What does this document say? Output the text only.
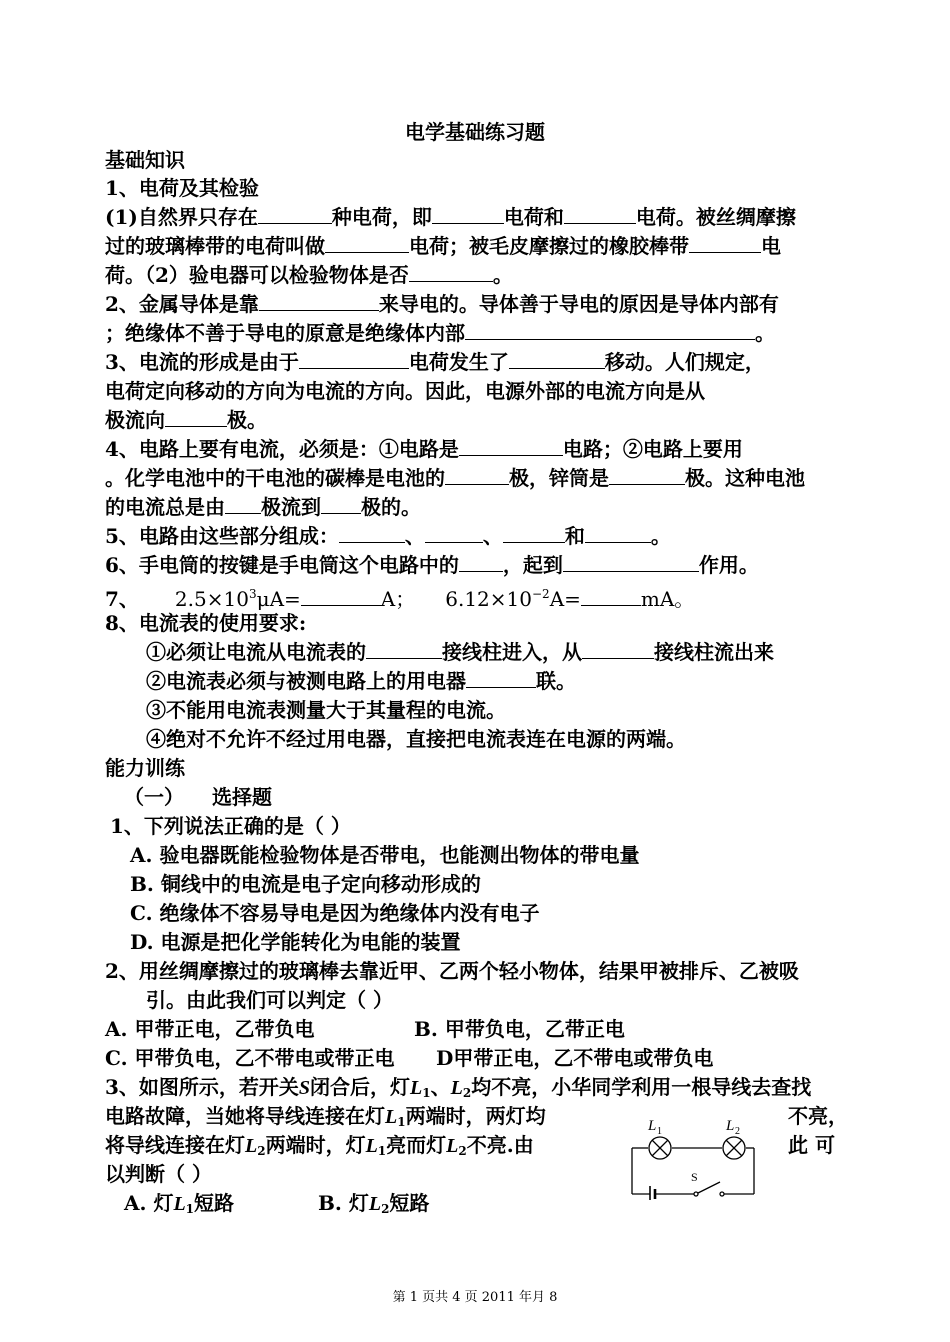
电学基础练习题
基础知识
1、电荷及其检验
(1)自然界只存在	种电荷，即	电荷和	电荷。被丝绸摩擦
过的玻璃棒带的电荷叫做	电荷；被毛皮摩擦过的橡胶棒带	电
荷。（2）验电器可以检验物体是否	。
2、金属导体是靠	来导电的。导体善于导电的原因是导体内部有
；绝缘体不善于导电的原意是绝缘体内部	。
3、电流的形成是由于	电荷发生了	移动。人们规定，
电荷定向移动的方向为电流的方向。因此，电源外部的电流方向是从
极流向	极。
4、电路上要有电流，必须是：①电路是	电路；②电路上要用
。化学电池中的干电池的碳棒是电池的	极，锌筒是	极。这种电池
的电流总是由 极流到 极的。
5、电路由这些部分组成：	、	、	和	。
6、手电筒的按键是手电筒这个电路中的 ，起到	作用。
7、 $2.5\times 10^3\mu A=$	A； $6.12\times 10^{-2}A=$	mA。
8、电流表的使用要求:
①必须让电流从电流表的	接线柱进入，从	接线柱流出来
②电流表必须与被测电路上的用电器	联。
③不能用电流表测量大于其量程的电流。
④绝对不允许不经过用电器，直接把电流表连在电源的两端。
能力训练
（一） 选择题
1、下列说法正确的是（ ）
A. 验电器既能检验物体是否带电，也能测出物体的带电量
B. 铜线中的电流是电子定向移动形成的
C. 绝缘体不容易导电是因为绝缘体内没有电子
D. 电源是把化学能转化为电能的装置
2、用丝绸摩擦过的玻璃棒去靠近甲、乙两个轻小物体，结果甲被排斥、乙被吸
引。由此我们可以判定（ ）
A. 甲带正电，乙带负电	B. 甲带负电，乙带正电
C. 甲带负电，乙不带电或带正电 D甲带正电，乙不带电或带负电
3、如图所示，若开关S闭合后，灯$L_1$、$L_2$均不亮，小华同学利用一根导线去查找
电路故障，当她将导线连接在灯$L_1$两端时，两灯均	不亮，
将导线连接在灯$L_2$两端时，灯$L_1$亮而灯$L_2$不亮.由	此 可
以判断（ ）
A. 灯$L_1$短路	B. 灯$L_2$短路
L 1	L 2
S
第 1 页共 4 页 2011 年月 8
